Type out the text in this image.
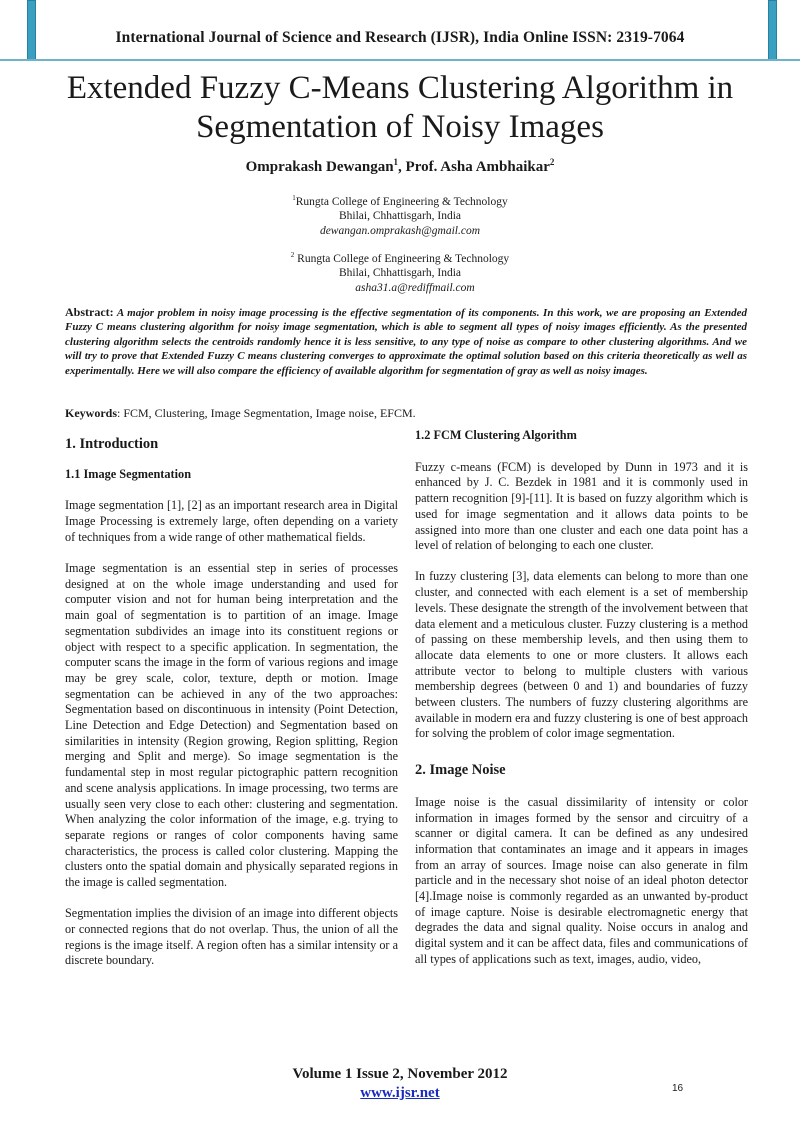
International Journal of Science and Research (IJSR), India Online ISSN: 2319-7064
Extended Fuzzy C-Means Clustering Algorithm in
Segmentation of Noisy Images
Omprakash Dewangan$^1$, Prof. Asha Ambhaikar$^2$
$^1$Rungta College of Engineering & Technology
Bhilai, Chhattisgarh, India
dewangan.omprakash@gmail.com
$^2$ Rungta College of Engineering & Technology
Bhilai, Chhattisgarh, India
asha31.a@rediffmail.com
Abstract: A major problem in noisy image processing is the effective segmentation of its components. In this work, we are proposing an Extended Fuzzy C means clustering algorithm for noisy image segmentation, which is able to segment all types of noisy images efficiently. As the presented clustering algorithm selects the centroids randomly hence it is less sensitive, to any type of noise as compare to other clustering algorithms. And we will try to prove that Extended Fuzzy C means clustering converges to approximate the optimal solution based on this criteria theoretically as well as experimentally. Here we will also compare the efficiency of available algorithm for segmentation of gray as well as noisy images.
Keywords: FCM, Clustering, Image Segmentation, Image noise, EFCM.
1. Introduction
1.1 Image Segmentation

Image segmentation [1], [2] as an important research area in Digital Image Processing is extremely large, often depending on a variety of techniques from a wide range of other mathematical fields.

Image segmentation is an essential step in series of processes designed at on the whole image understanding and used for computer vision and not for human being interpretation and the main goal of segmentation is to partition of an image. Image segmentation subdivides an image into its constituent regions or object with respect to a specific application. In segmentation, the computer scans the image in the form of various regions and image may be grey scale, color, texture, depth or motion. Image segmentation can be achieved in any of the two approaches: Segmentation based on discontinuous in intensity (Point Detection, Line Detection and Edge Detection) and Segmentation based on similarities in intensity (Region growing, Region splitting, Region merging and Split and merge). So image segmentation is the fundamental step in most regular pictographic pattern recognition and scene analysis applications. In image processing, two terms are usually seen very close to each other: clustering and segmentation. When analyzing the color information of the image, e.g. trying to separate regions or ranges of color components having same characteristics, the process is called color clustering. Mapping the clusters onto the spatial domain and physically separated regions in the image is called segmentation.

Segmentation implies the division of an image into different objects or connected regions that do not overlap. Thus, the union of all the regions is the image itself. A region often has a similar intensity or a discrete boundary.

1.2 FCM Clustering Algorithm

Fuzzy c-means (FCM) is developed by Dunn in 1973 and it is enhanced by J. C. Bezdek in 1981 and it is commonly used in pattern recognition [9]-[11]. It is based on fuzzy algorithm which is used for image segmentation and it allows data points to be assigned into more than one cluster and each one data point has a level of relation of belonging to each one cluster.

In fuzzy clustering [3], data elements can belong to more than one cluster, and connected with each element is a set of membership levels. These designate the strength of the involvement between that data element and a meticulous cluster. Fuzzy clustering is a method of passing on these membership levels, and then using them to allocate data elements to one or more clusters. It allows each attribute vector to belong to multiple clusters with various membership degrees (between 0 and 1) and boundaries of fuzzy between clusters. The numbers of fuzzy clustering algorithms are available in modern era and fuzzy clustering is one of best approach for solving the problem of color image segmentation.

2. Image Noise

Image noise is the casual dissimilarity of intensity or color information in images formed by the sensor and circuitry of a scanner or digital camera. It can be defined as any undesired information that contaminates an image and it appears in images from an array of sources. Image noise can also generate in film particle and in the necessary shot noise of an ideal photon detector [4].Image noise is commonly regarded as an unwanted by-product of image capture. Noise is desirable electromagnetic energy that degrades the data and signal quality. Noise occurs in analog and digital system and it can be affect data, files and communications of all types of applications such as text, images, audio, video,

Volume 1 Issue 2, November 2012
www.ijsr.net	16
